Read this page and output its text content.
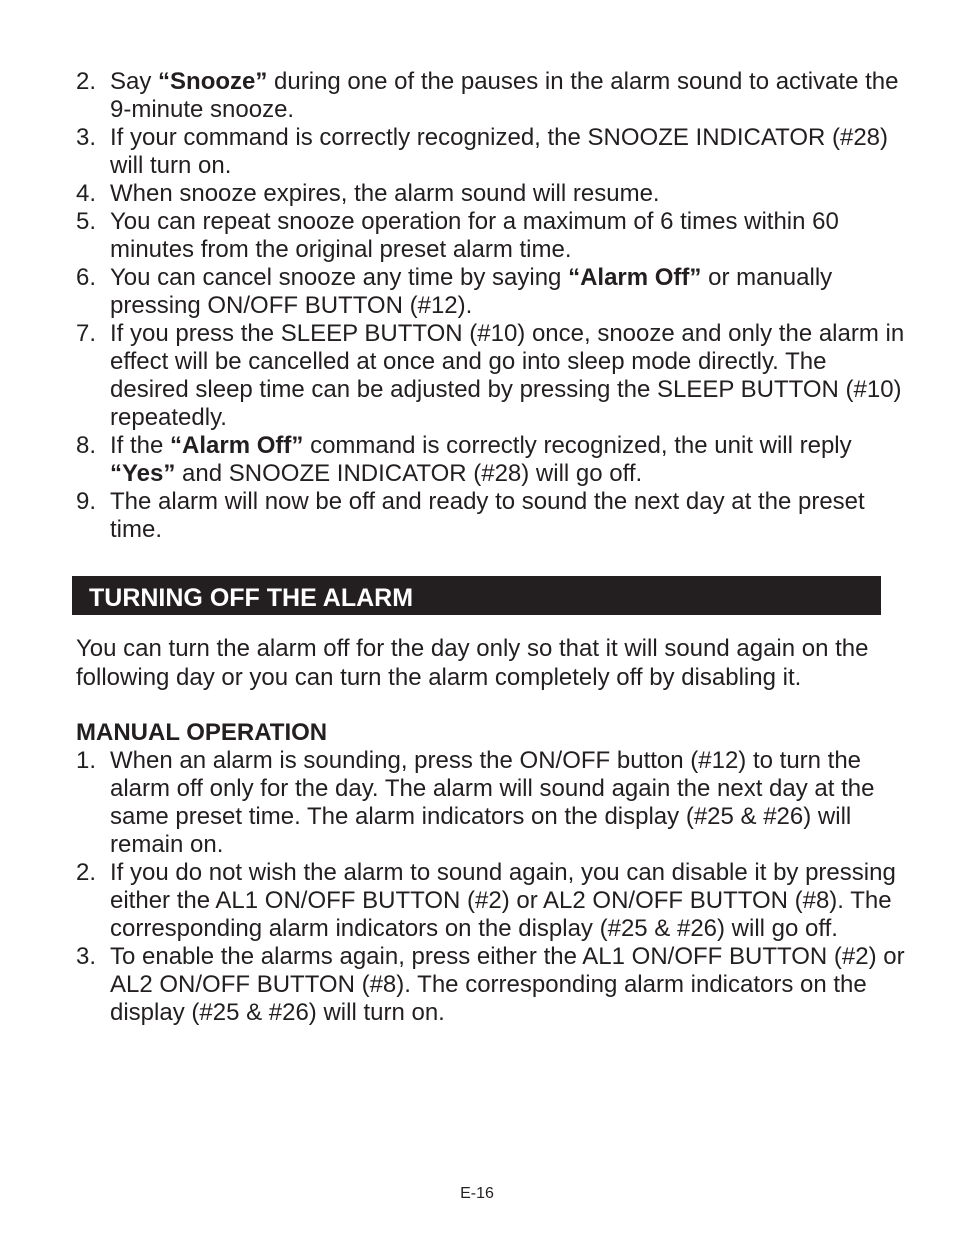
2. Say “Snooze” during one of the pauses in the alarm sound to activate the 9-minute snooze.
3. If your command is correctly recognized, the SNOOZE INDICATOR (#28) will turn on.
4. When snooze expires, the alarm sound will resume.
5. You can repeat snooze operation for a maximum of 6 times within 60 minutes from the original preset alarm time.
6. You can cancel snooze any time by saying “Alarm Off” or manually pressing ON/OFF BUTTON (#12).
7. If you press the SLEEP BUTTON (#10) once, snooze and only the alarm in effect will be cancelled at once and go into sleep mode directly. The desired sleep time can be adjusted by pressing the SLEEP BUTTON (#10) repeatedly.
8. If the “Alarm Off” command is correctly recognized, the unit will reply “Yes” and SNOOZE INDICATOR (#28) will go off.
9. The alarm will now be off and ready to sound the next day at the preset time.
TURNING OFF THE ALARM

You can turn the alarm off for the day only so that it will sound again on the following day or you can turn the alarm completely off by disabling it.

MANUAL OPERATION
1. When an alarm is sounding, press the ON/OFF button (#12) to turn the alarm off only for the day. The alarm will sound again the next day at the same preset time. The alarm indicators on the display (#25 & #26) will remain on.
2. If you do not wish the alarm to sound again, you can disable it by pressing either the AL1 ON/OFF BUTTON (#2) or AL2 ON/OFF BUTTON (#8). The corresponding alarm indicators on the display (#25 & #26) will go off.
3. To enable the alarms again, press either the AL1 ON/OFF BUTTON (#2) or AL2 ON/OFF BUTTON (#8). The corresponding alarm indicators on the display (#25 & #26) will turn on.
E-16
